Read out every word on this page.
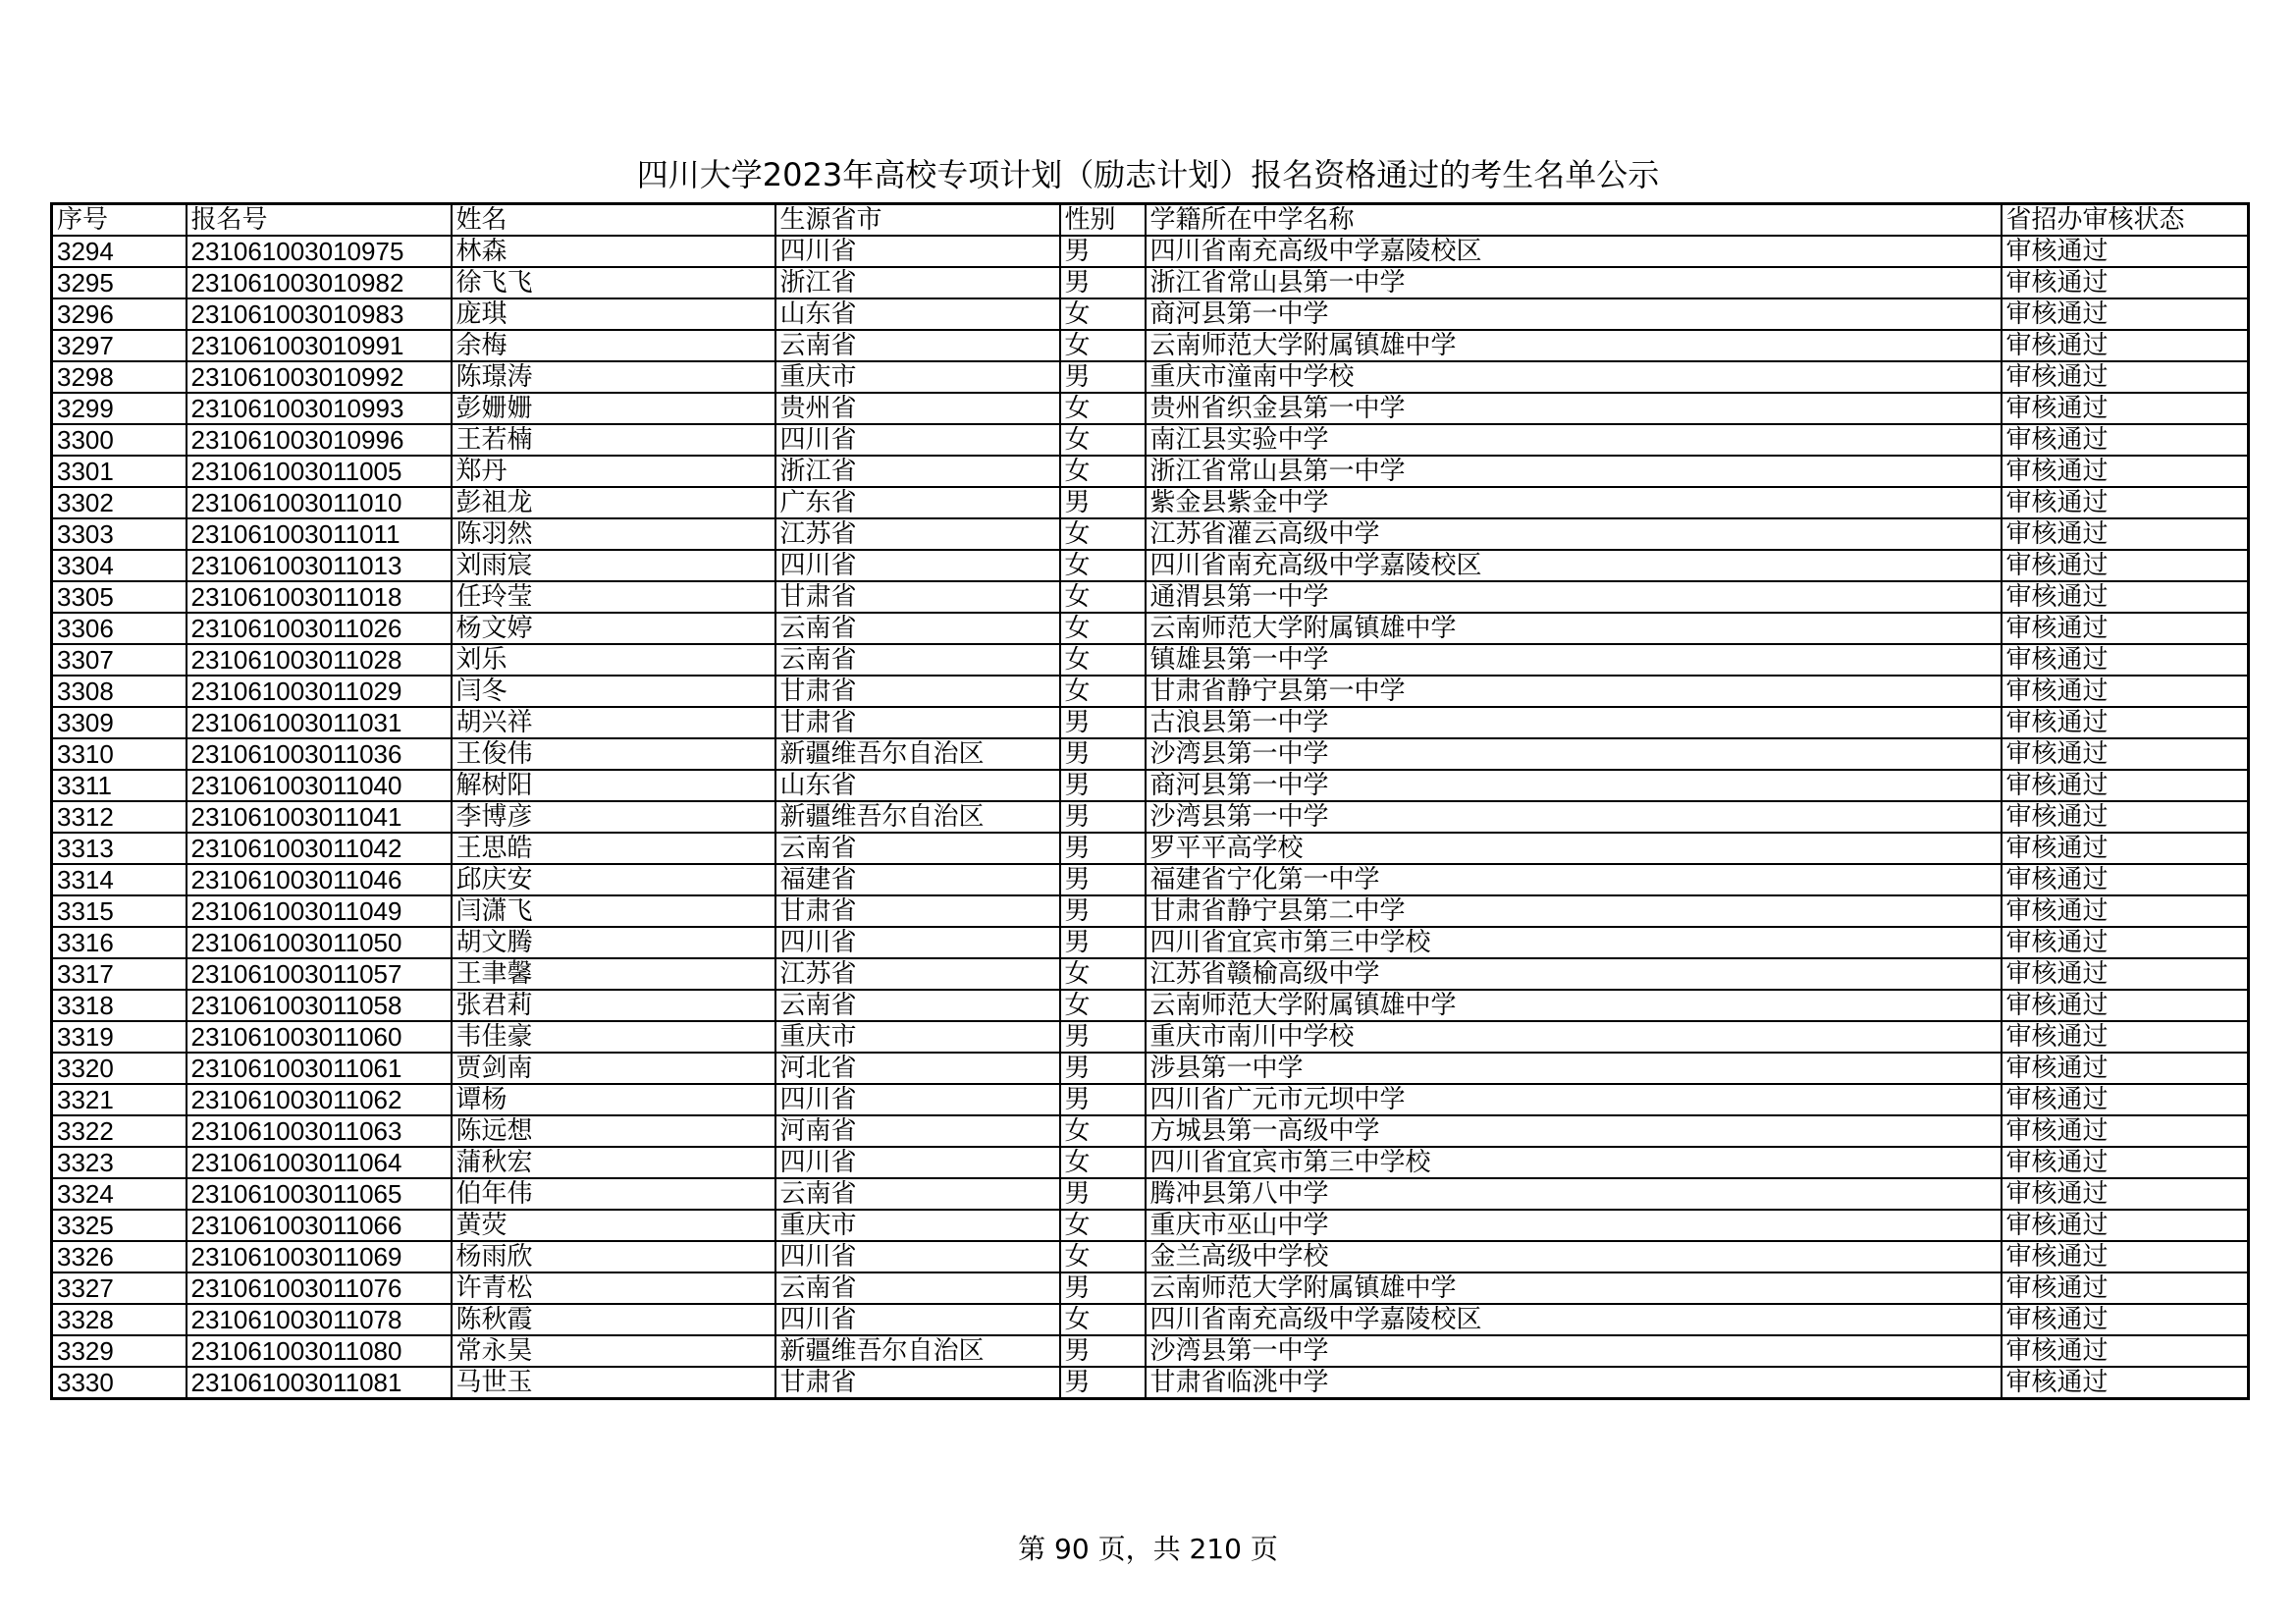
四川大学2023年高校专项计划（励志计划）报名资格通过的考生名单公示
序号	报名号	姓名	生源省市	性别	学籍所在中学名称	省招办审核状态
3294	231061003010975	林森	四川省	男	四川省南充高级中学嘉陵校区	审核通过
3295	231061003010982	徐飞飞	浙江省	男	浙江省常山县第一中学	审核通过
3296	231061003010983	庞琪	山东省	女	商河县第一中学	审核通过
3297	231061003010991	余梅	云南省	女	云南师范大学附属镇雄中学	审核通过
3298	231061003010992	陈璟涛	重庆市	男	重庆市潼南中学校	审核通过
3299	231061003010993	彭姗姗	贵州省	女	贵州省织金县第一中学	审核通过
3300	231061003010996	王若楠	四川省	女	南江县实验中学	审核通过
3301	231061003011005	郑丹	浙江省	女	浙江省常山县第一中学	审核通过
3302	231061003011010	彭祖龙	广东省	男	紫金县紫金中学	审核通过
3303	231061003011011	陈羽然	江苏省	女	江苏省灌云高级中学	审核通过
3304	231061003011013	刘雨宸	四川省	女	四川省南充高级中学嘉陵校区	审核通过
3305	231061003011018	任玲莹	甘肃省	女	通渭县第一中学	审核通过
3306	231061003011026	杨文婷	云南省	女	云南师范大学附属镇雄中学	审核通过
3307	231061003011028	刘乐	云南省	女	镇雄县第一中学	审核通过
3308	231061003011029	闫冬	甘肃省	女	甘肃省静宁县第一中学	审核通过
3309	231061003011031	胡兴祥	甘肃省	男	古浪县第一中学	审核通过
3310	231061003011036	王俊伟	新疆维吾尔自治区	男	沙湾县第一中学	审核通过
3311	231061003011040	解树阳	山东省	男	商河县第一中学	审核通过
3312	231061003011041	李博彦	新疆维吾尔自治区	男	沙湾县第一中学	审核通过
3313	231061003011042	王思皓	云南省	男	罗平平高学校	审核通过
3314	231061003011046	邱庆安	福建省	男	福建省宁化第一中学	审核通过
3315	231061003011049	闫潇飞	甘肃省	男	甘肃省静宁县第二中学	审核通过
3316	231061003011050	胡文腾	四川省	男	四川省宜宾市第三中学校	审核通过
3317	231061003011057	王聿馨	江苏省	女	江苏省赣榆高级中学	审核通过
3318	231061003011058	张君莉	云南省	女	云南师范大学附属镇雄中学	审核通过
3319	231061003011060	韦佳豪	重庆市	男	重庆市南川中学校	审核通过
3320	231061003011061	贾剑南	河北省	男	涉县第一中学	审核通过
3321	231061003011062	谭杨	四川省	男	四川省广元市元坝中学	审核通过
3322	231061003011063	陈远想	河南省	女	方城县第一高级中学	审核通过
3323	231061003011064	蒲秋宏	四川省	女	四川省宜宾市第三中学校	审核通过
3324	231061003011065	伯年伟	云南省	男	腾冲县第八中学	审核通过
3325	231061003011066	黄荧	重庆市	女	重庆市巫山中学	审核通过
3326	231061003011069	杨雨欣	四川省	女	金兰高级中学校	审核通过
3327	231061003011076	许青松	云南省	男	云南师范大学附属镇雄中学	审核通过
3328	231061003011078	陈秋霞	四川省	女	四川省南充高级中学嘉陵校区	审核通过
3329	231061003011080	常永昊	新疆维吾尔自治区	男	沙湾县第一中学	审核通过
3330	231061003011081	马世玉	甘肃省	男	甘肃省临洮中学	审核通过
第 90 页，共 210 页
